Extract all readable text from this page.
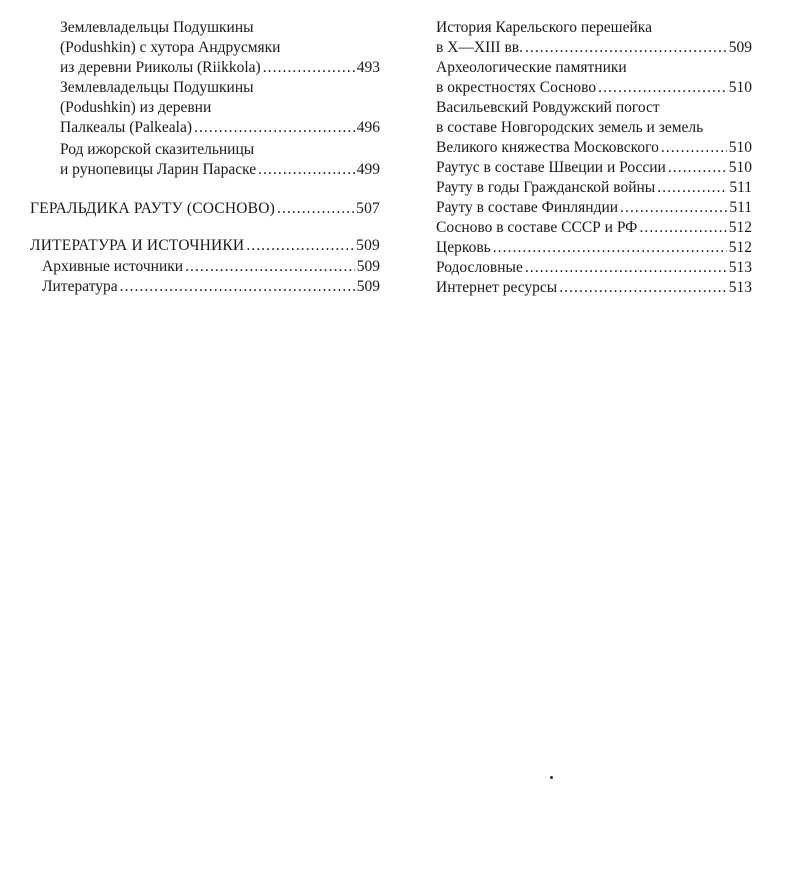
Землевладельцы Подушкины
(Podushkin) с хутора Андрусмяки
из деревни Рииколы (Riikkola) . . .	493
Землевладельцы Подушкины
(Podushkin) из деревни
Палкеалы (Palkeala) . . .	496
Род ижорской сказительницы
и рунопевицы Ларин Параске . . .	499
ГЕРАЛЬДИКА РАУТУ (СОСНОВО) . . .	507
ЛИТЕРАТУРА И ИСТОЧНИКИ . . .	509
Архивные источники . . .	509
Литература . . .	509
История Карельского перешейка
в X—XIII вв. . . .	509
Археологические памятники
в окрестностях Сосново . . .	510
Васильевский Ровдужский погост
в составе Новгородских земель и земель
Великого княжества Московского . . .	510
Раутус в составе Швеции и России . . .	510
Рауту в годы Гражданской войны . . .	511
Рауту в составе Финляндии . . .	511
Сосново в составе СССР и РФ . . .	512
Церковь . . .	512
Родословные . . .	513
Интернет ресурсы . . .	513
